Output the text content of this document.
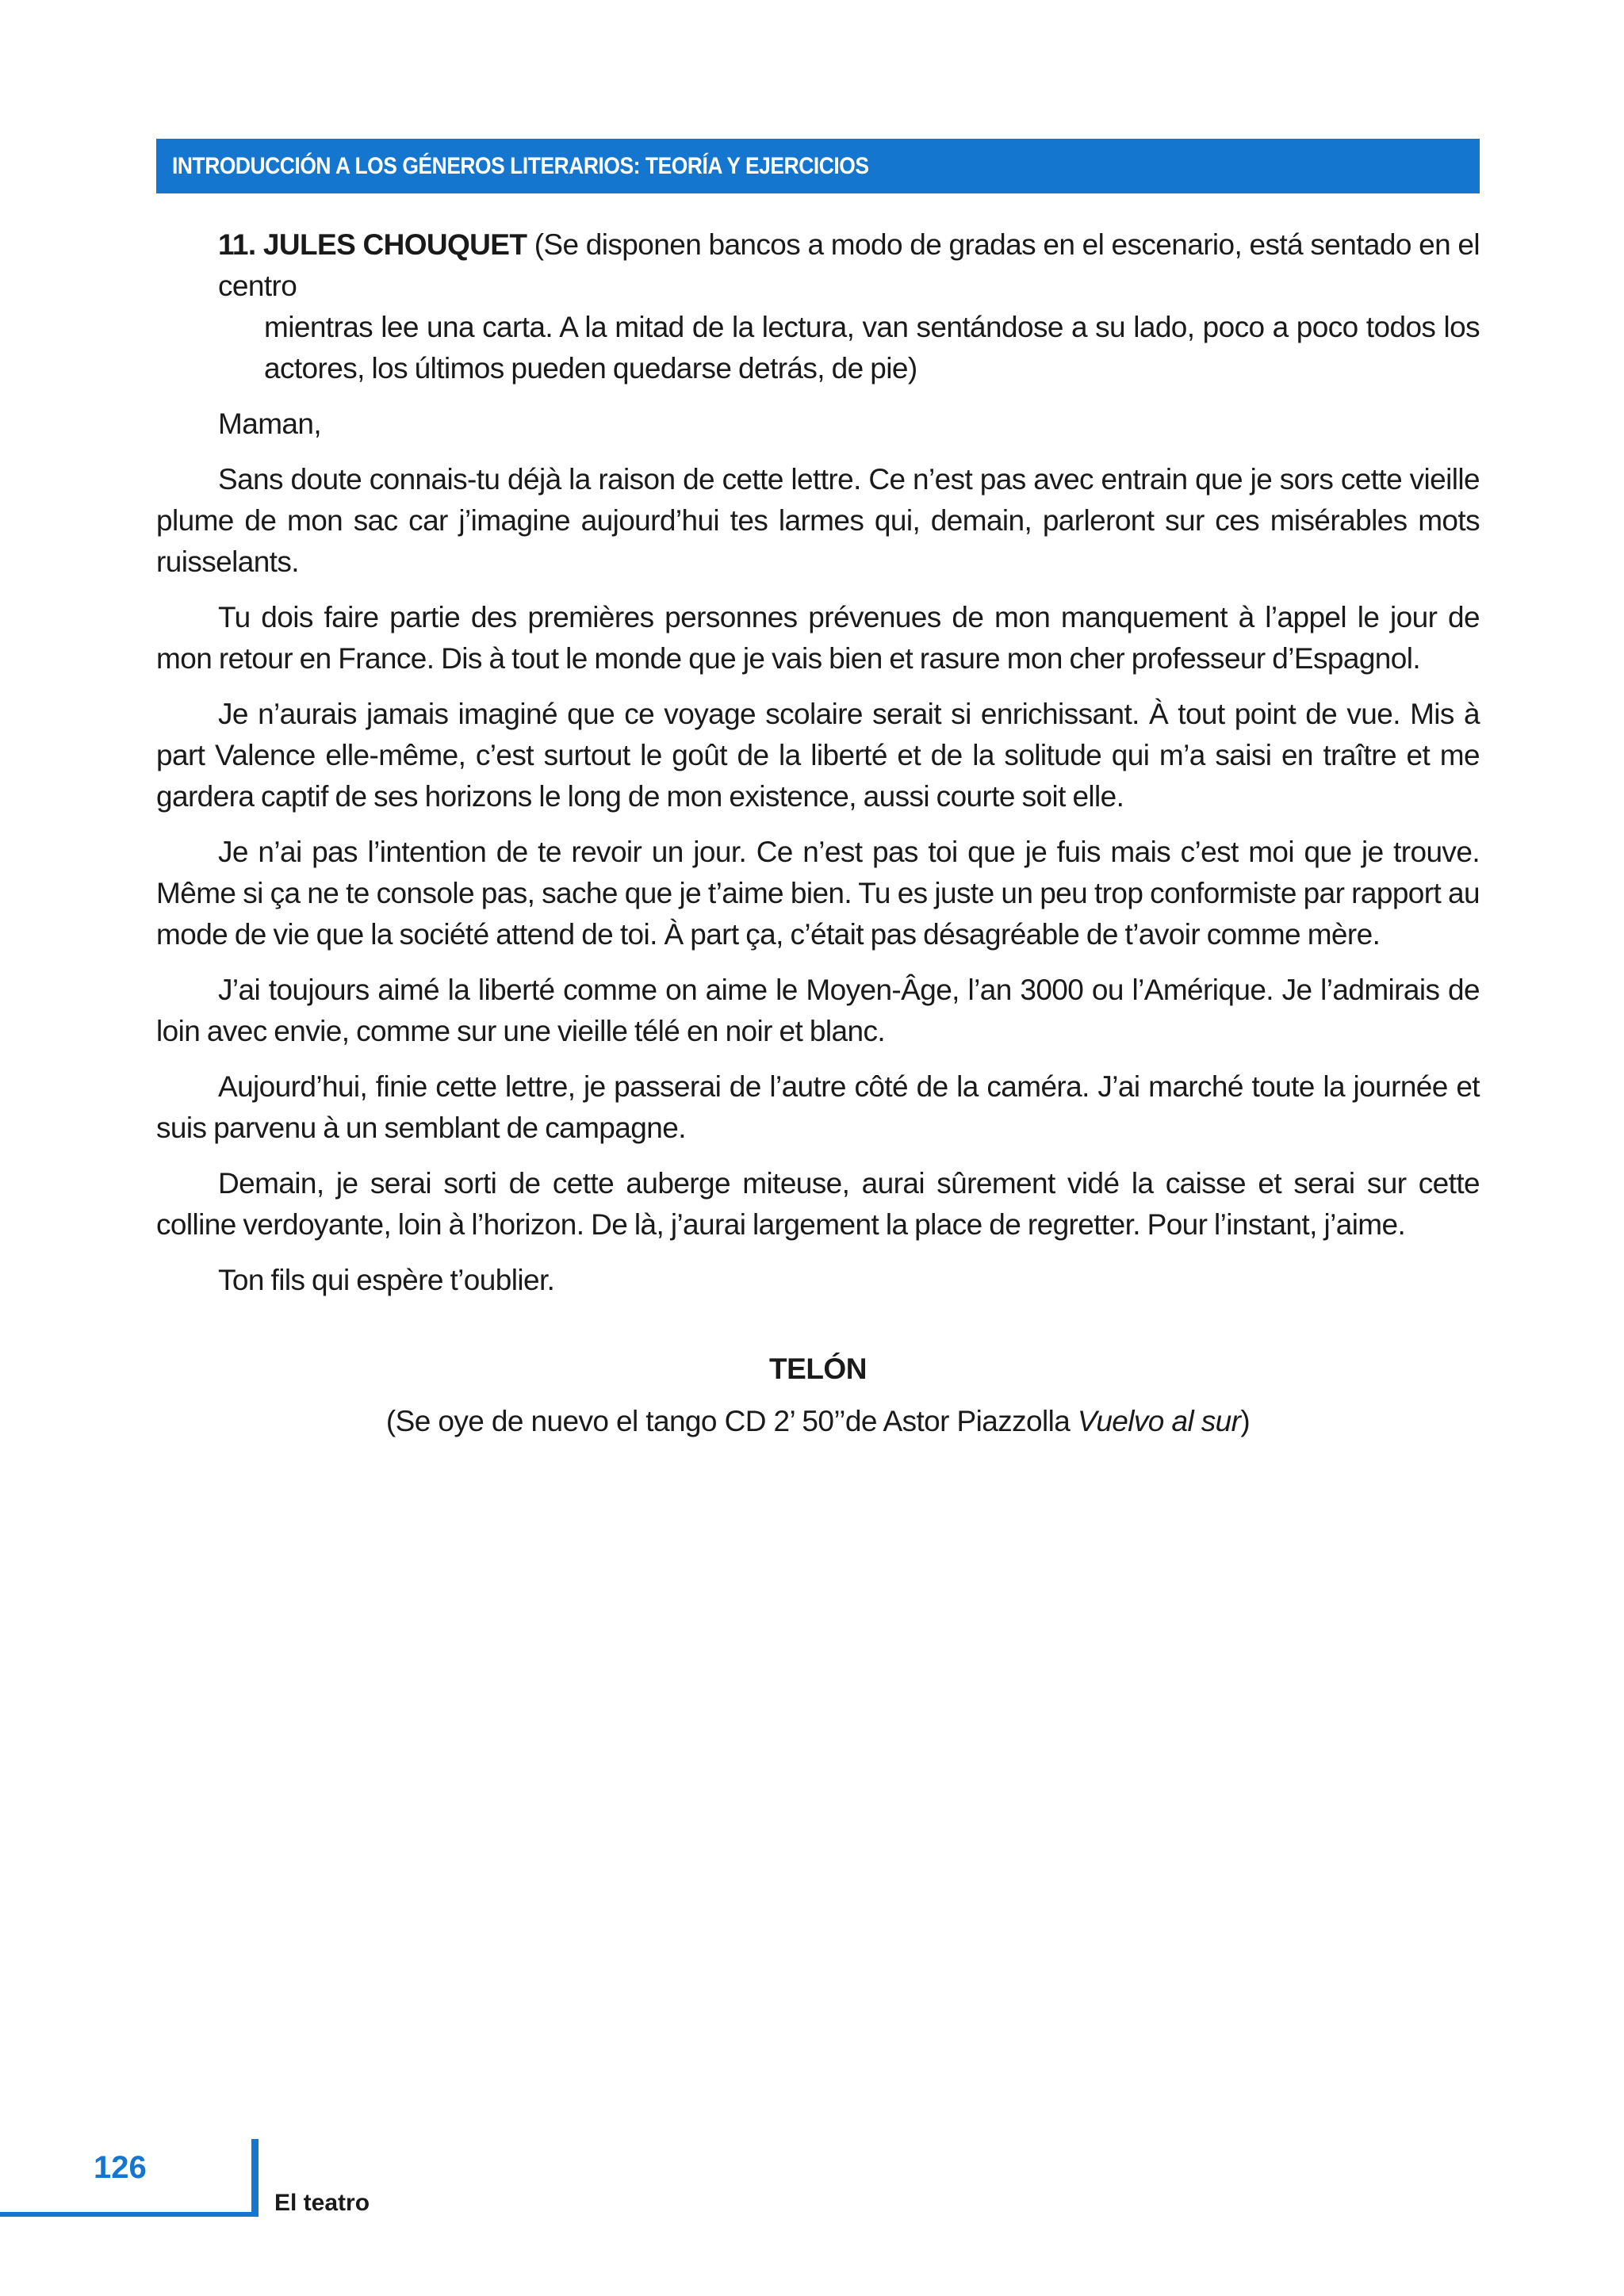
INTRODUCCIÓN A LOS GÉNEROS LITERARIOS: TEORÍA Y EJERCICIOS

11. JULES CHOUQUET (Se disponen bancos a modo de gradas en el escenario, está sentado en el centro
mientras lee una carta. A la mitad de la lectura, van sentándose a su lado, poco a poco todos los actores, los últimos pueden quedarse detrás, de pie)

Maman,

Sans doute connais-tu déjà la raison de cette lettre. Ce n’est pas avec entrain que je sors cette vieille plume de mon sac car j’imagine aujourd’hui tes larmes qui, demain, parleront sur ces misérables mots ruisselants.

Tu dois faire partie des premières personnes prévenues de mon manquement à l’appel le jour de mon retour en France. Dis à tout le monde que je vais bien et rasure mon cher professeur d’Espagnol.

Je n’aurais jamais imaginé que ce voyage scolaire serait si enrichissant. À tout point de vue. Mis à part Valence elle-même, c’est surtout le goût de la liberté et de la solitude qui m’a saisi en traître et me gardera captif de ses horizons le long de mon existence, aussi courte soit elle.

Je n’ai pas l’intention de te revoir un jour. Ce n’est pas toi que je fuis mais c’est moi que je trouve. Même si ça ne te console pas, sache que je t’aime bien. Tu es juste un peu trop conformiste par rapport au mode de vie que la société attend de toi. À part ça, c’était pas désagréable de t’avoir comme mère.

J’ai toujours aimé la liberté comme on aime le Moyen-Âge, l’an 3000 ou l’Amérique. Je l’admirais de loin avec envie, comme sur une vieille télé en noir et blanc.

Aujourd’hui, finie cette lettre, je passerai de l’autre côté de la caméra. J’ai marché toute la journée et suis parvenu à un semblant de campagne.

Demain, je serai sorti de cette auberge miteuse, aurai sûrement vidé la caisse et serai sur cette colline verdoyante, loin à l’horizon. De là, j’aurai largement la place de regretter. Pour l’instant, j’aime.

Ton fils qui espère t’oublier.

TELÓN
(Se oye de nuevo el tango CD 2’ 50’’de Astor Piazzolla Vuelvo al sur)
126
El teatro
